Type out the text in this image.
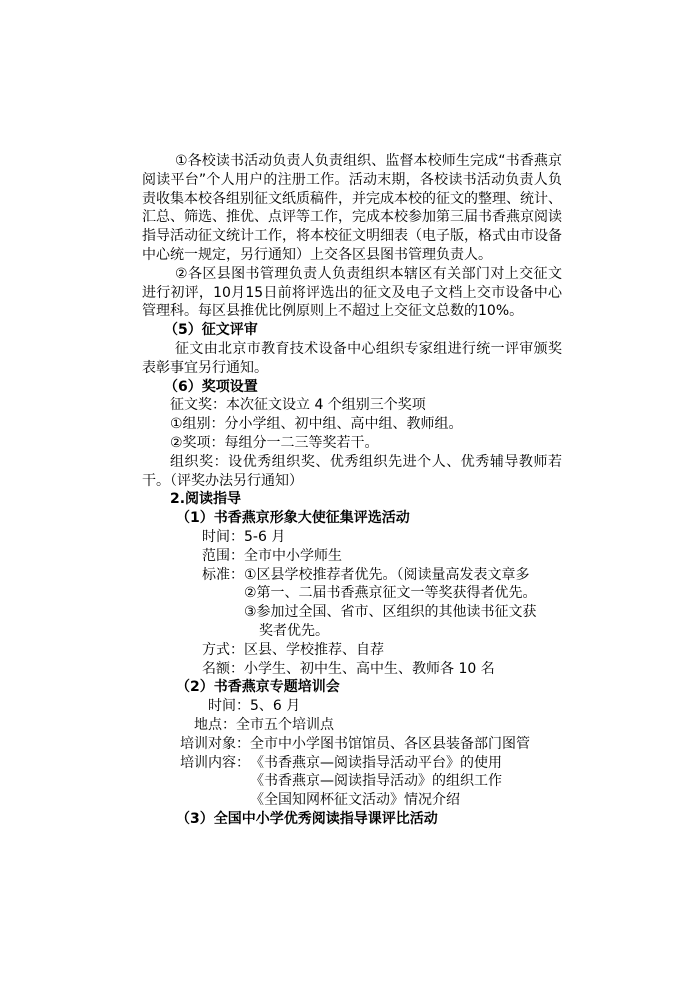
①各校读书活动负责人负责组织、监督本校师生完成“书香燕京阅读平台”个人用户的注册工作。活动末期，各校读书活动负责人负责收集本校各组别征文纸质稿件，并完成本校的征文的整理、统计、汇总、筛选、推优、点评等工作，完成本校参加第三届书香燕京阅读指导活动征文统计工作，将本校征文明细表（电子版，格式由市设备中心统一规定，另行通知）上交各区县图书管理负责人。

②各区县图书管理负责人负责组织本辖区有关部门对上交征文进行初评，10月15日前将评选出的征文及电子文档上交市设备中心管理科。每区县推优比例原则上不超过上交征文总数的10%。

（5）征文评审

征文由北京市教育技术设备中心组织专家组进行统一评审颁奖表彰事宜另行通知。

（6）奖项设置

征文奖：本次征文设立 4 个组别三个奖项

①组别：分小学组、初中组、高中组、教师组。

②奖项：每组分一二三等奖若干。

组织奖：设优秀组织奖、优秀组织先进个人、优秀辅导教师若干。（评奖办法另行通知）

2.阅读指导

（1）书香燕京形象大使征集评选活动

时间：5-6 月

范围：全市中小学师生

标准： ①区县学校推荐者优先。（阅读量高发表文章多

②第一、二届书香燕京征文一等奖获得者优先。

③参加过全国、省市、区组织的其他读书征文获

奖者优先。

方式：区县、学校推荐、自荐

名额：小学生、初中生、高中生、教师各 10 名

（2）书香燕京专题培训会

时间：5、6 月

地点：全市五个培训点

培训对象：全市中小学图书馆馆员、各区县装备部门图管

培训内容： 《书香燕京—阅读指导活动平台》的使用

《书香燕京—阅读指导活动》的组织工作

《全国知网杯征文活动》情况介绍

（3）全国中小学优秀阅读指导课评比活动
